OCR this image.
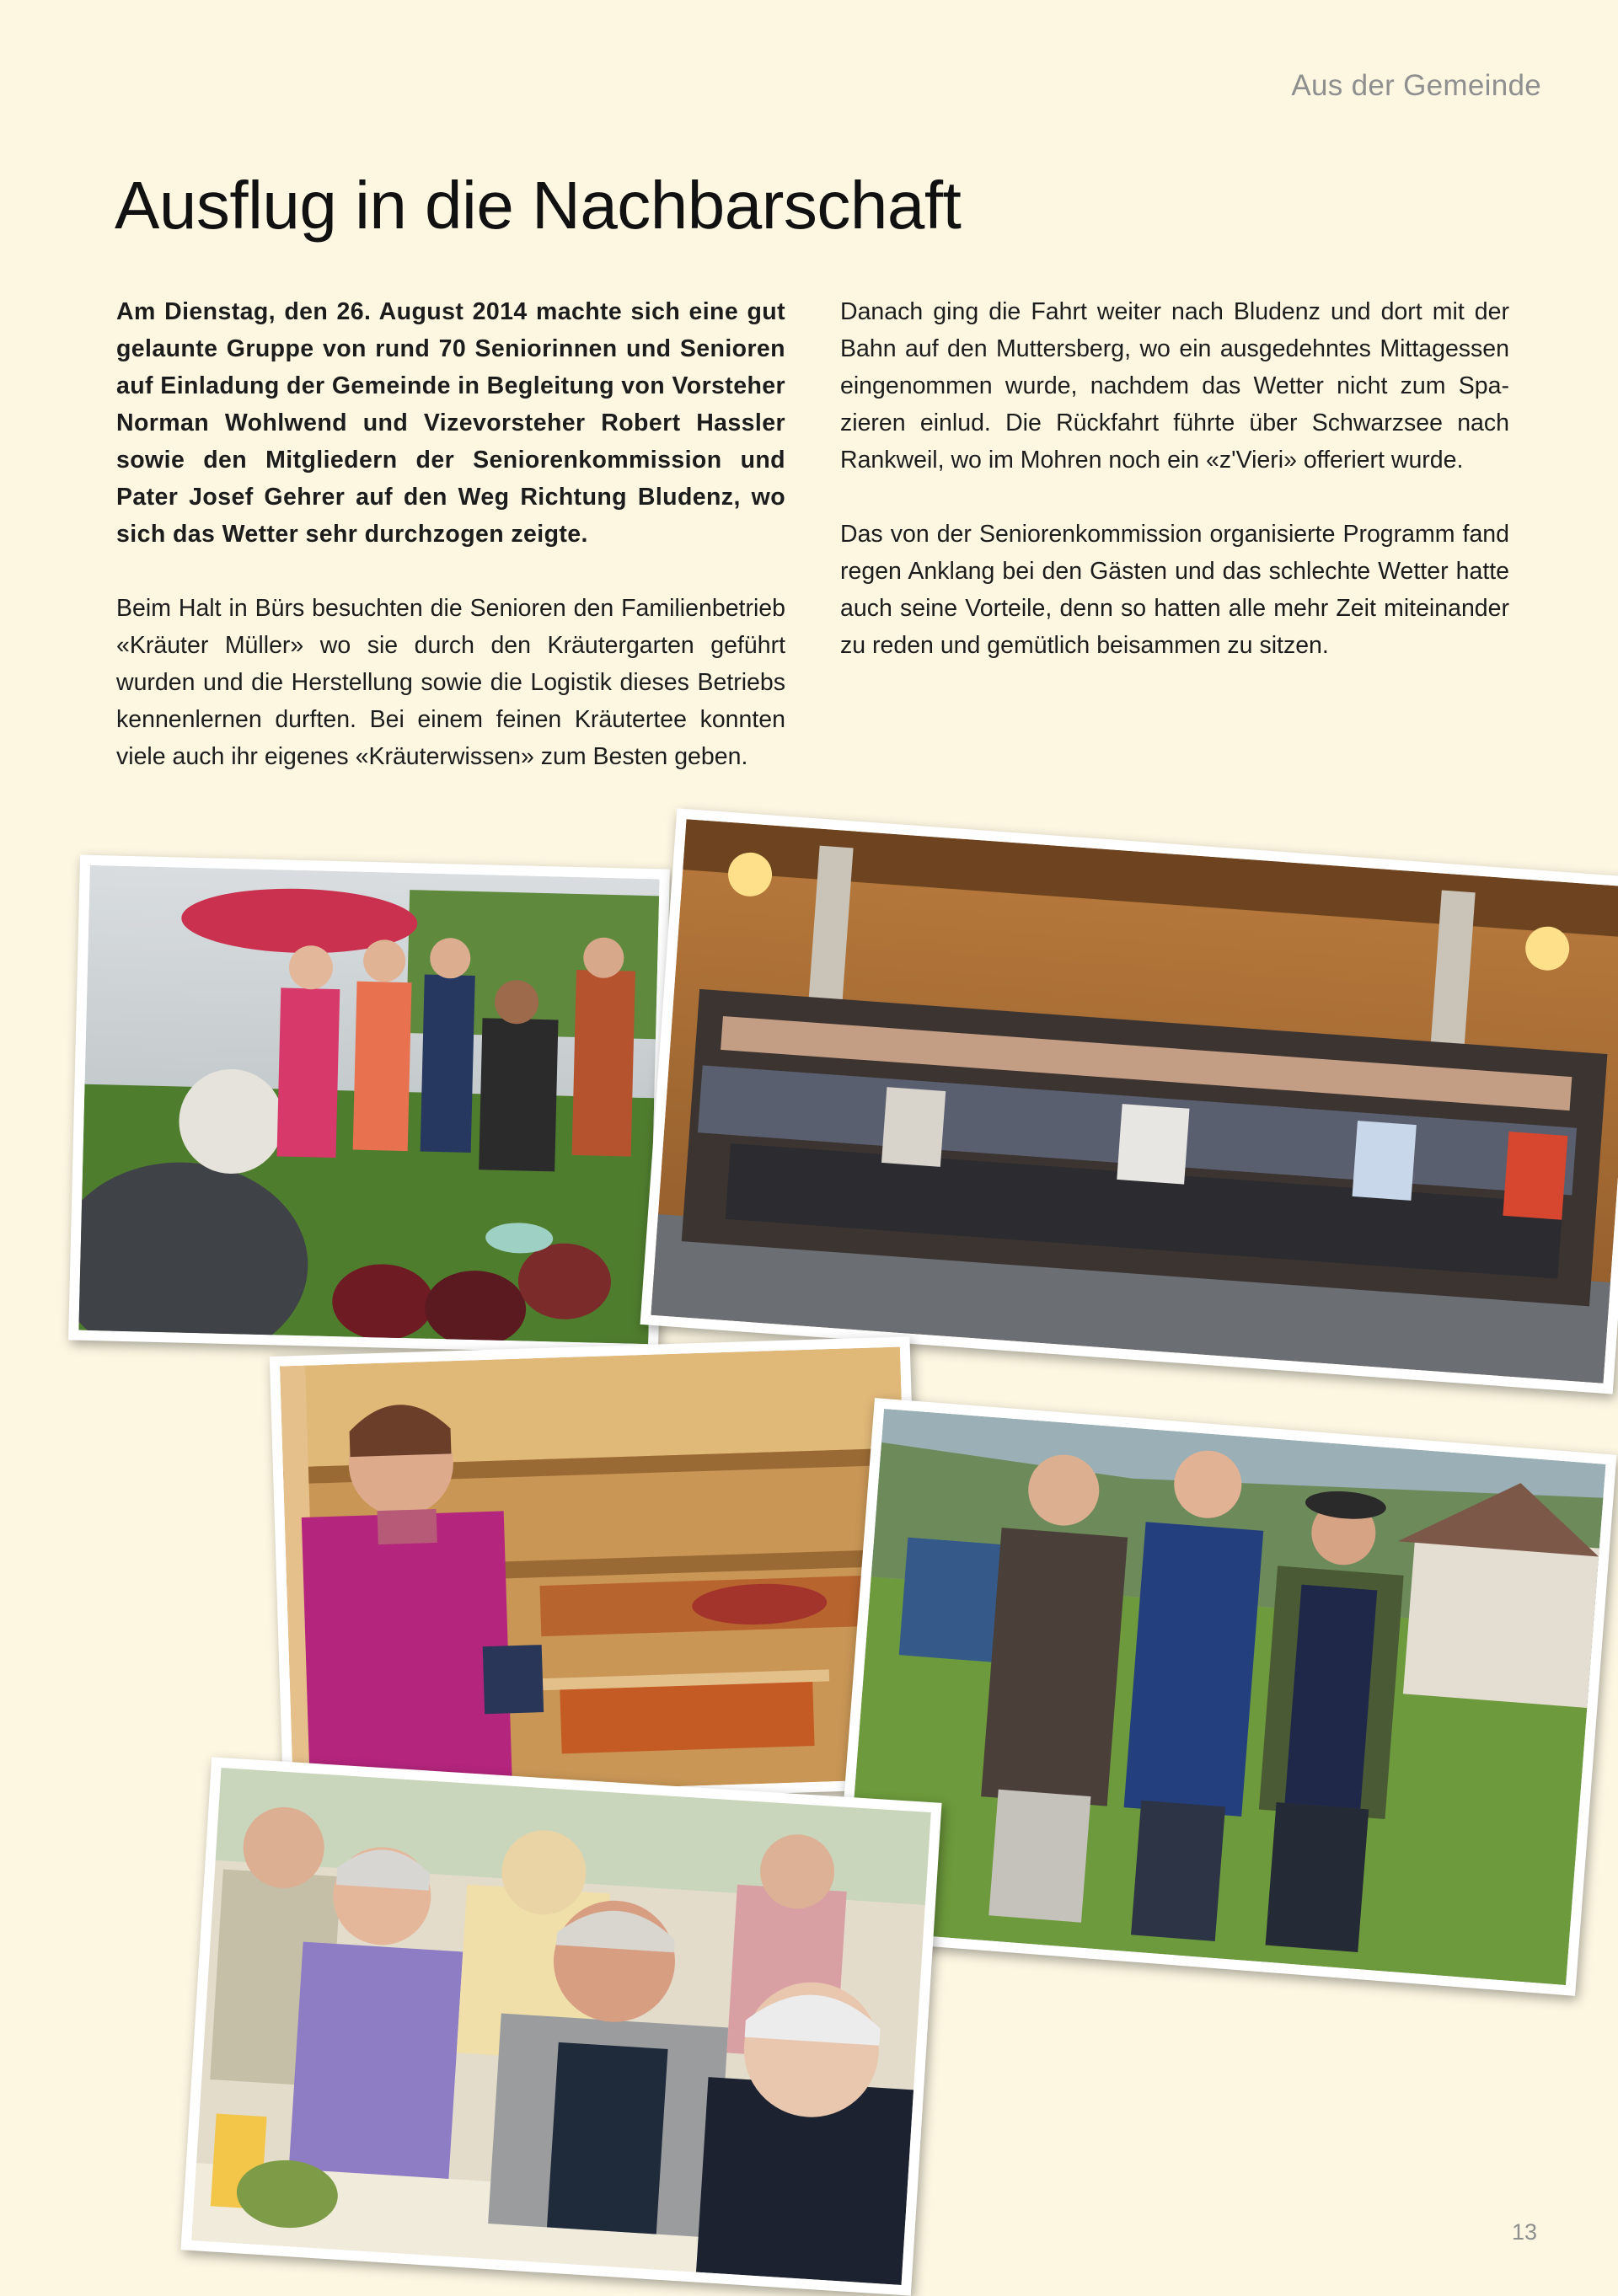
Aus der Gemeinde
Ausflug in die Nachbarschaft

Am Dienstag, den 26. August 2014 machte sich eine gut gelaunte Gruppe von rund 70 Seniorinnen und Senioren auf Einladung der Gemeinde in Begleitung von Vorsteher Norman Wohlwend und Vizevorsteher Robert Hassler sowie den Mitgliedern der Seniorenkommission und Pater Josef Gehrer auf den Weg Richtung Bludenz, wo sich das Wetter sehr durchzogen zeigte.

Beim Halt in Bürs besuchten die Senioren den Familienbetrieb «Kräuter Müller» wo sie durch den Kräutergarten geführt wurden und die Herstellung sowie die Logistik dieses Betriebs kennenlernen durften. Bei einem feinen Kräutertee konnten viele auch ihr eigenes «Kräuterwissen» zum Besten geben.

Danach ging die Fahrt weiter nach Bludenz und dort mit der Bahn auf den Muttersberg, wo ein ausgedehntes Mittagessen eingenommen wurde, nachdem das Wetter nicht zum Spazieren einlud. Die Rückfahrt führte über Schwarzsee nach Rankweil, wo im Mohren noch ein «z'Vieri» offeriert wurde.

Das von der Seniorenkommission organisierte Programm fand regen Anklang bei den Gästen und das schlechte Wetter hatte auch seine Vorteile, denn so hatten alle mehr Zeit miteinander zu reden und gemütlich beisammen zu sitzen.

13
